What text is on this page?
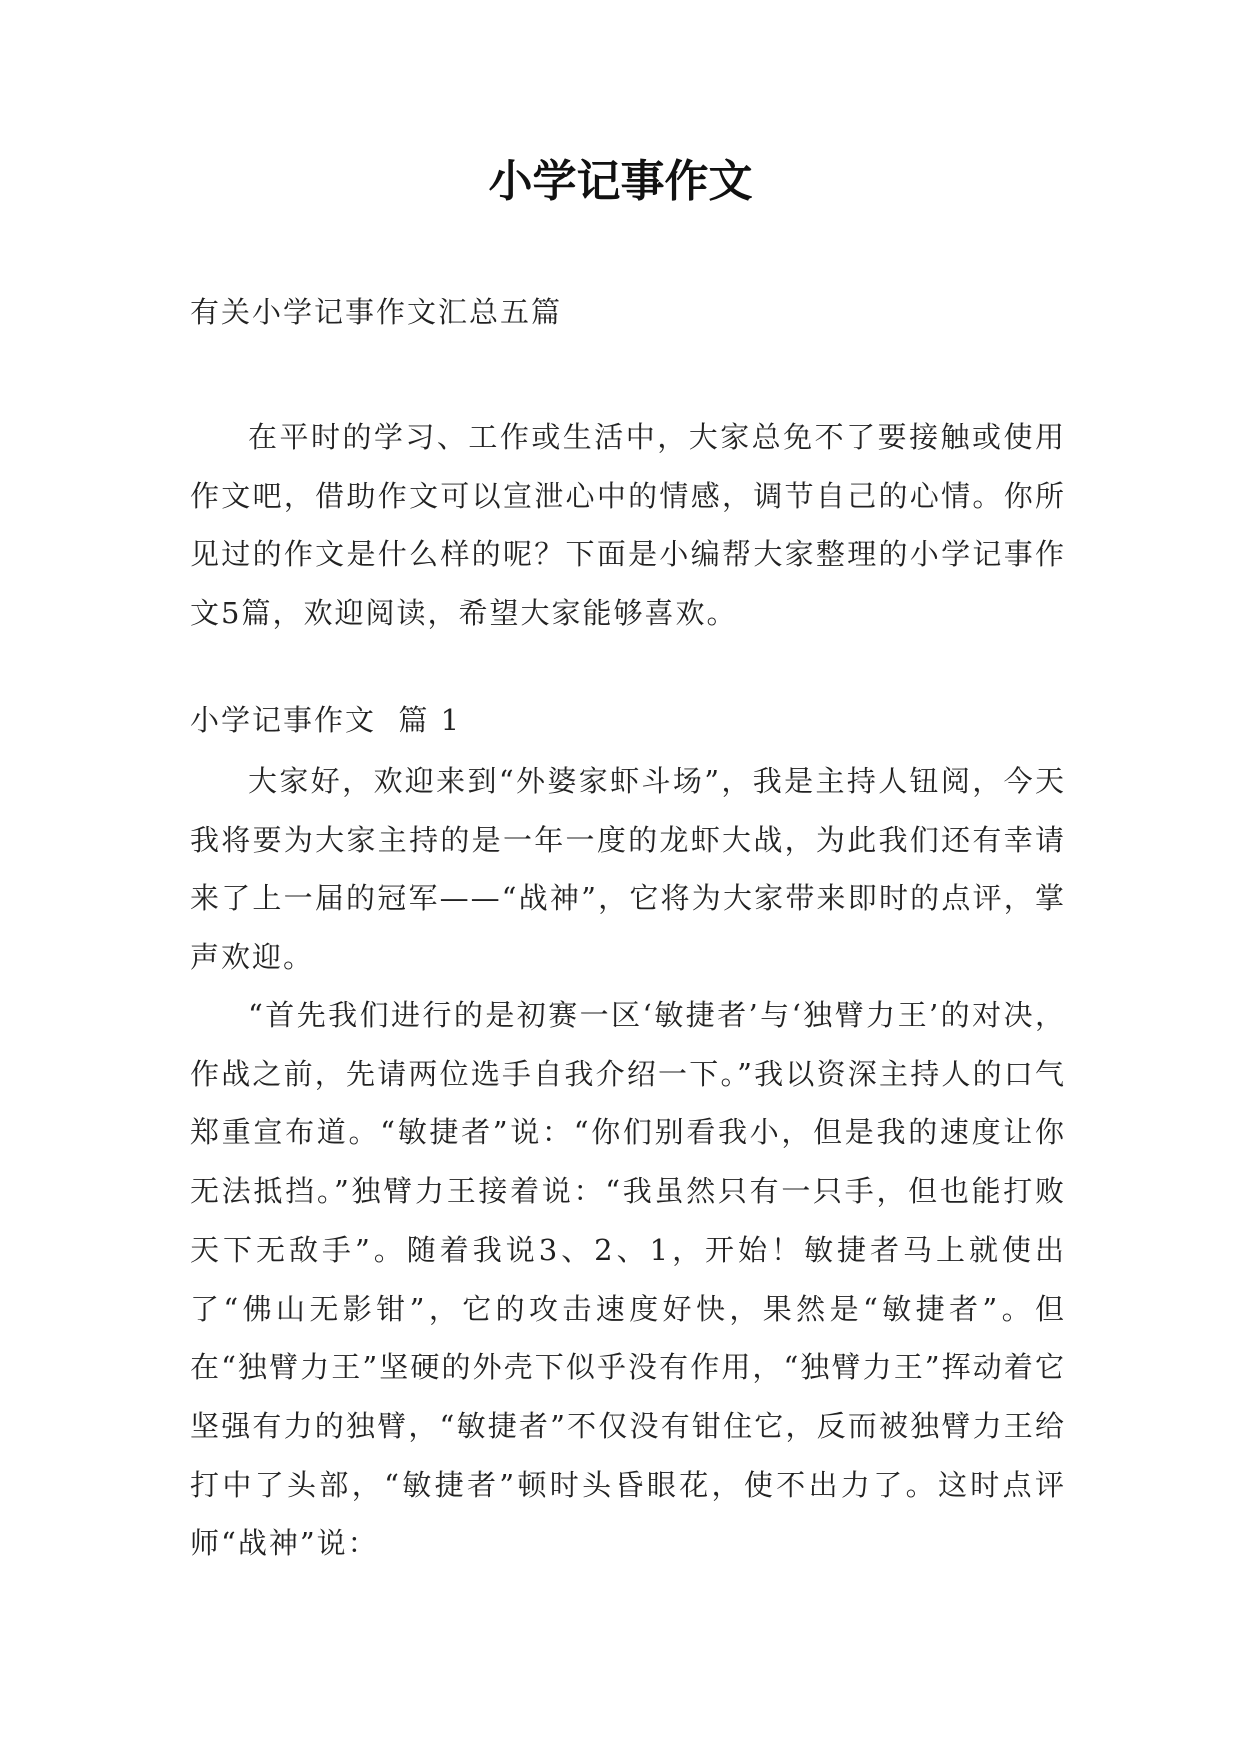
小学记事作文
有关小学记事作文汇总五篇

在平时的学习、工作或生活中，大家总免不了要接触或使用作文吧，借助作文可以宣泄心中的情感，调节自己的心情。你所见过的作文是什么样的呢？下面是小编帮大家整理的小学记事作文5篇，欢迎阅读，希望大家能够喜欢。

小学记事作文  篇 1

大家好，欢迎来到“外婆家虾斗场”，我是主持人钮阅，今天我将要为大家主持的是一年一度的龙虾大战，为此我们还有幸请来了上一届的冠军——“战神”，它将为大家带来即时的点评，掌声欢迎。

“首先我们进行的是初赛一区‘敏捷者’与‘独臂力王’的对决，作战之前，先请两位选手自我介绍一下。”我以资深主持人的口气郑重宣布道。“敏捷者”说：“你们别看我小，但是我的速度让你无法抵挡。”独臂力王接着说：“我虽然只有一只手，但也能打败天下无敌手”。随着我说3、2、1，开始！敏捷者马上就使出了“佛山无影钳”，它的攻击速度好快，果然是“敏捷者”。但在“独臂力王”坚硬的外壳下似乎没有作用，“独臂力王”挥动着它坚强有力的独臂，“敏捷者”不仅没有钳住它，反而被独臂力王给打中了头部，“敏捷者”顿时头昏眼花，使不出力了。这时点评师“战神”说：
